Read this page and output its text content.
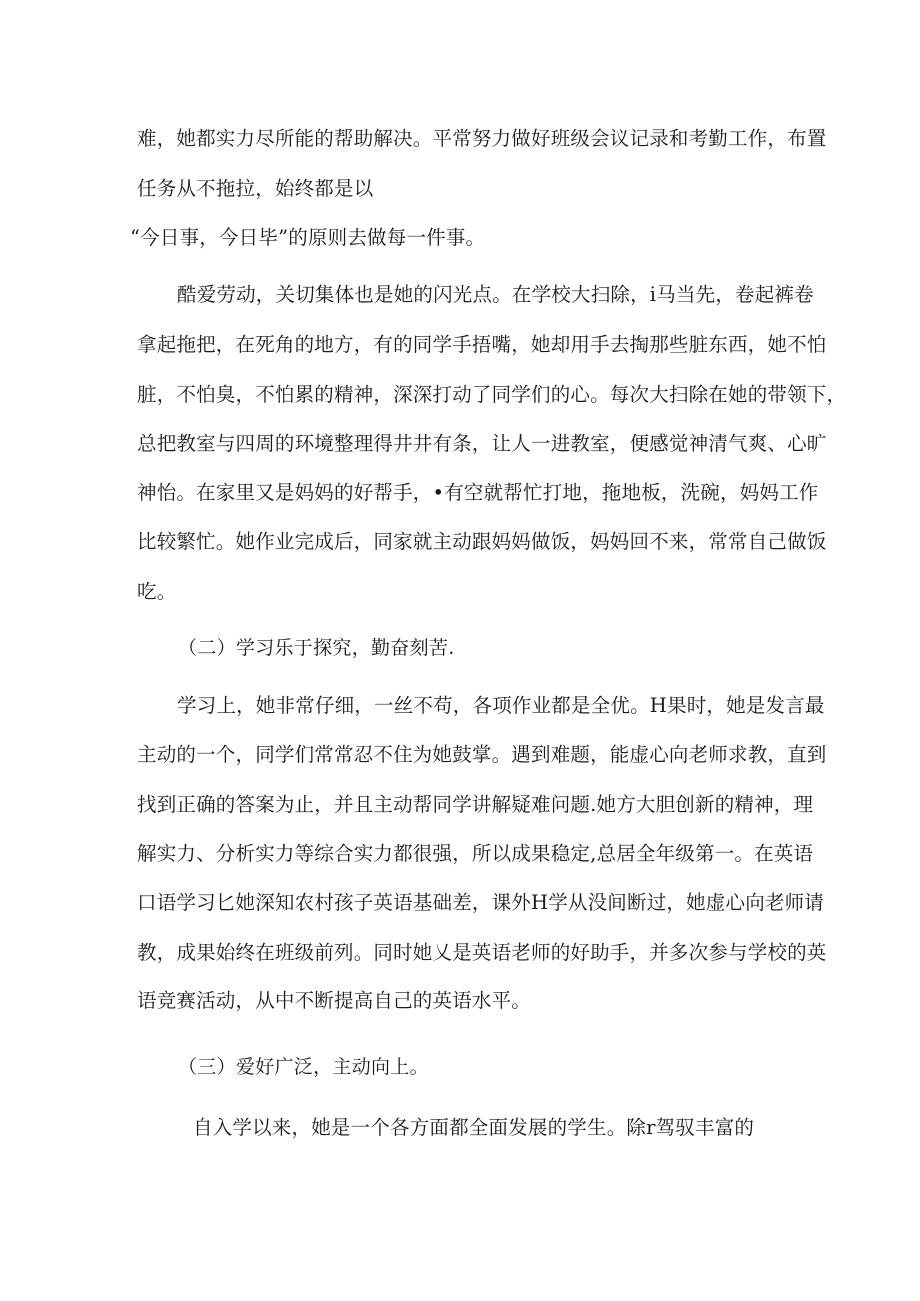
难，她都实力尽所能的帮助解决。平常努力做好班级会议记录和考勤工作，布置
任务从不拖拉，始终都是以
“今日事，今日毕”的原则去做每一件事。
酷爱劳动，关切集体也是她的闪光点。在学校大扫除，i马当先，卷起裤卷
拿起拖把，在死角的地方，有的同学手捂嘴，她却用手去掏那些脏东西，她不怕
脏，不怕臭，不怕累的精神，深深打动了同学们的心。每次大扫除在她的带领下，
总把教室与四周的环境整理得井井有条，让人一进教室，便感觉神清气爽、心旷
神怡。在家里又是妈妈的好帮手，•有空就帮忙打地，拖地板，洗碗，妈妈工作
比较繁忙。她作业完成后，同家就主动跟妈妈做饭，妈妈回不来，常常自己做饭
吃。
（二）学习乐于探究，勤奋刻苦.
学习上，她非常仔细，一丝不苟，各项作业都是全优。H果时，她是发言最
主动的一个，同学们常常忍不住为她鼓掌。遇到难题，能虚心向老师求教，直到
找到正确的答案为止，并且主动帮同学讲解疑难问题.她方大胆创新的精神，理
解实力、分析实力等综合实力都很强，所以成果稳定,总居全年级第一。在英语
口语学习匕她深知农村孩子英语基础差，课外H学从没间断过，她虚心向老师请
教，成果始终在班级前列。同时她乂是英语老师的好助手，并多次参与学校的英
语竞赛活动，从中不断提高自己的英语水平。
（三）爱好广泛，主动向上。
自入学以来，她是一个各方面都全面发展的学生。除r驾驭丰富的
